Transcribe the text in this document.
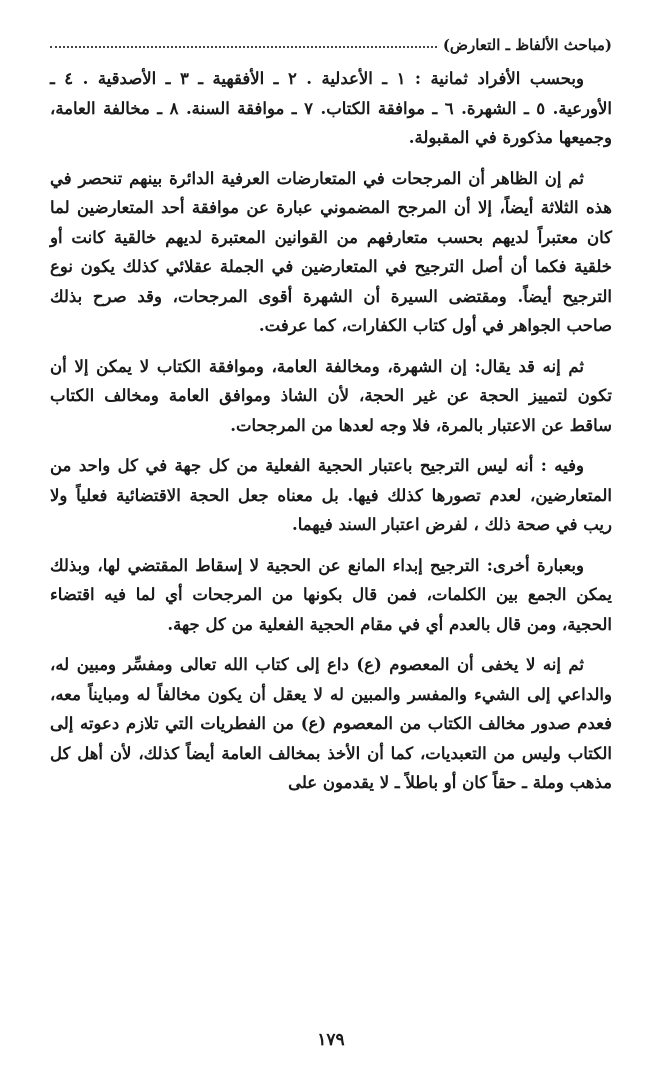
(مباحث الألفاظ ـ التعارض)

وبحسب الأفراد ثمانية : ١ ـ الأعدلية . ٢ ـ الأفقهية ـ ٣ ـ الأصدقية . ٤ ـ الأورعية. ٥ ـ الشهرة. ٦ ـ موافقة الكتاب. ٧ ـ موافقة السنة. ٨ ـ مخالفة العامة، وجميعها مذكورة في المقبولة.

ثم إن الظاهر أن المرجحات في المتعارضات العرفية الدائرة بينهم تنحصر في هذه الثلاثة أيضاً، إلا أن المرجح المضموني عبارة عن موافقة أحد المتعارضين لما كان معتبراً لديهم بحسب متعارفهم من القوانين المعتبرة لديهم خالقية كانت أو خلقية فكما أن أصل الترجيح في المتعارضين في الجملة عقلائي كذلك يكون نوع الترجيح أيضاً. ومقتضى السيرة أن الشهرة أقوى المرجحات، وقد صرح بذلك صاحب الجواهر في أول كتاب الكفارات، كما عرفت.

ثم إنه قد يقال: إن الشهرة، ومخالفة العامة، وموافقة الكتاب لا يمكن إلا أن تكون لتمييز الحجة عن غير الحجة، لأن الشاذ وموافق العامة ومخالف الكتاب ساقط عن الاعتبار بالمرة، فلا وجه لعدها من المرجحات.

وفيه : أنه ليس الترجيح باعتبار الحجية الفعلية من كل جهة في كل واحد من المتعارضين، لعدم تصورها كذلك فيها. بل معناه جعل الحجة الاقتضائية فعلياً ولا ريب في صحة ذلك ، لفرض اعتبار السند فيهما.

وبعبارة أخرى: الترجيح إبداء المانع عن الحجية لا إسقاط المقتضي لها، وبذلك يمكن الجمع بين الكلمات، فمن قال بكونها من المرجحات أي لما فيه اقتضاء الحجية، ومن قال بالعدم أي في مقام الحجية الفعلية من كل جهة.

ثم إنه لا يخفى أن المعصوم (ع) داع إلى كتاب الله تعالى ومفسِّر ومبين له، والداعي إلى الشيء والمفسر والمبين له لا يعقل أن يكون مخالفاً له ومبايناً معه، فعدم صدور مخالف الكتاب من المعصوم (ع) من الفطريات التي تلازم دعوته إلى الكتاب وليس من التعبديات، كما أن الأخذ بمخالف العامة أيضاً كذلك، لأن أهل كل مذهب وملة ـ حقاً كان أو باطلاً ـ لا يقدمون على

١٧٩
